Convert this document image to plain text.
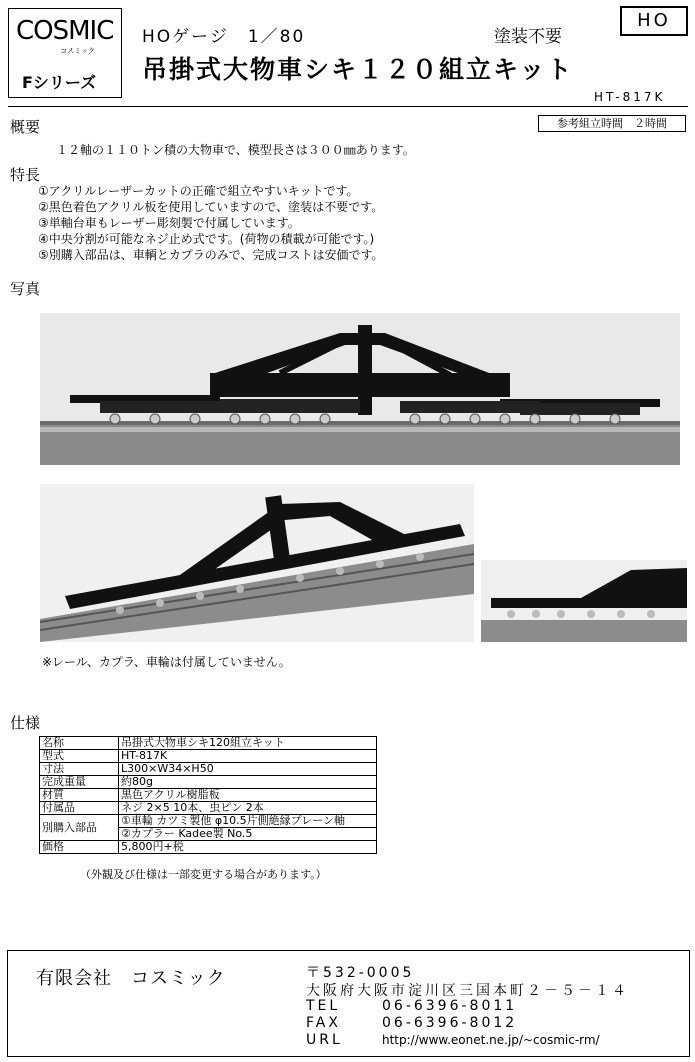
COSMIC
コスミック
Fシリーズ
HOゲージ　1／80	塗装不要
HO
吊掛式大物車シキ１２０組立キット
HT-817K
概要	参考組立時間　２時間
１２軸の１１０トン積の大物車で、模型長さは３００㎜あります。
特長
①アクリルレーザーカットの正確で組立やすいキットです。
②黒色着色アクリル板を使用していますので、塗装は不要です。
③単軸台車もレーザー彫刻製で付属しています。
④中央分割が可能なネジ止め式です。(荷物の積載が可能です。)
⑤別購入部品は、車輌とカプラのみで、完成コストは安価です。
写真
※レール、カプラ、車輪は付属していません。
仕様
名称	吊掛式大物車シキ120組立キット
型式	HT-817K
寸法	L300×W34×H50
完成重量	約80g
材質	黒色アクリル樹脂板
付属品	ネジ 2×5 10本、虫ピン 2本
別購入部品	①車輪 カツミ製他 φ10.5片側絶縁プレーン軸
	②カプラー Kadee製 No.5
価格	5,800円+税
（外観及び仕様は一部変更する場合があります。）
有限会社　コスミック	〒532-0005
大阪府大阪市淀川区三国本町２－５－１４
TEL	06-6396-8011
FAX	06-6396-8012
URL	http://www.eonet.ne.jp/~cosmic-rm/
